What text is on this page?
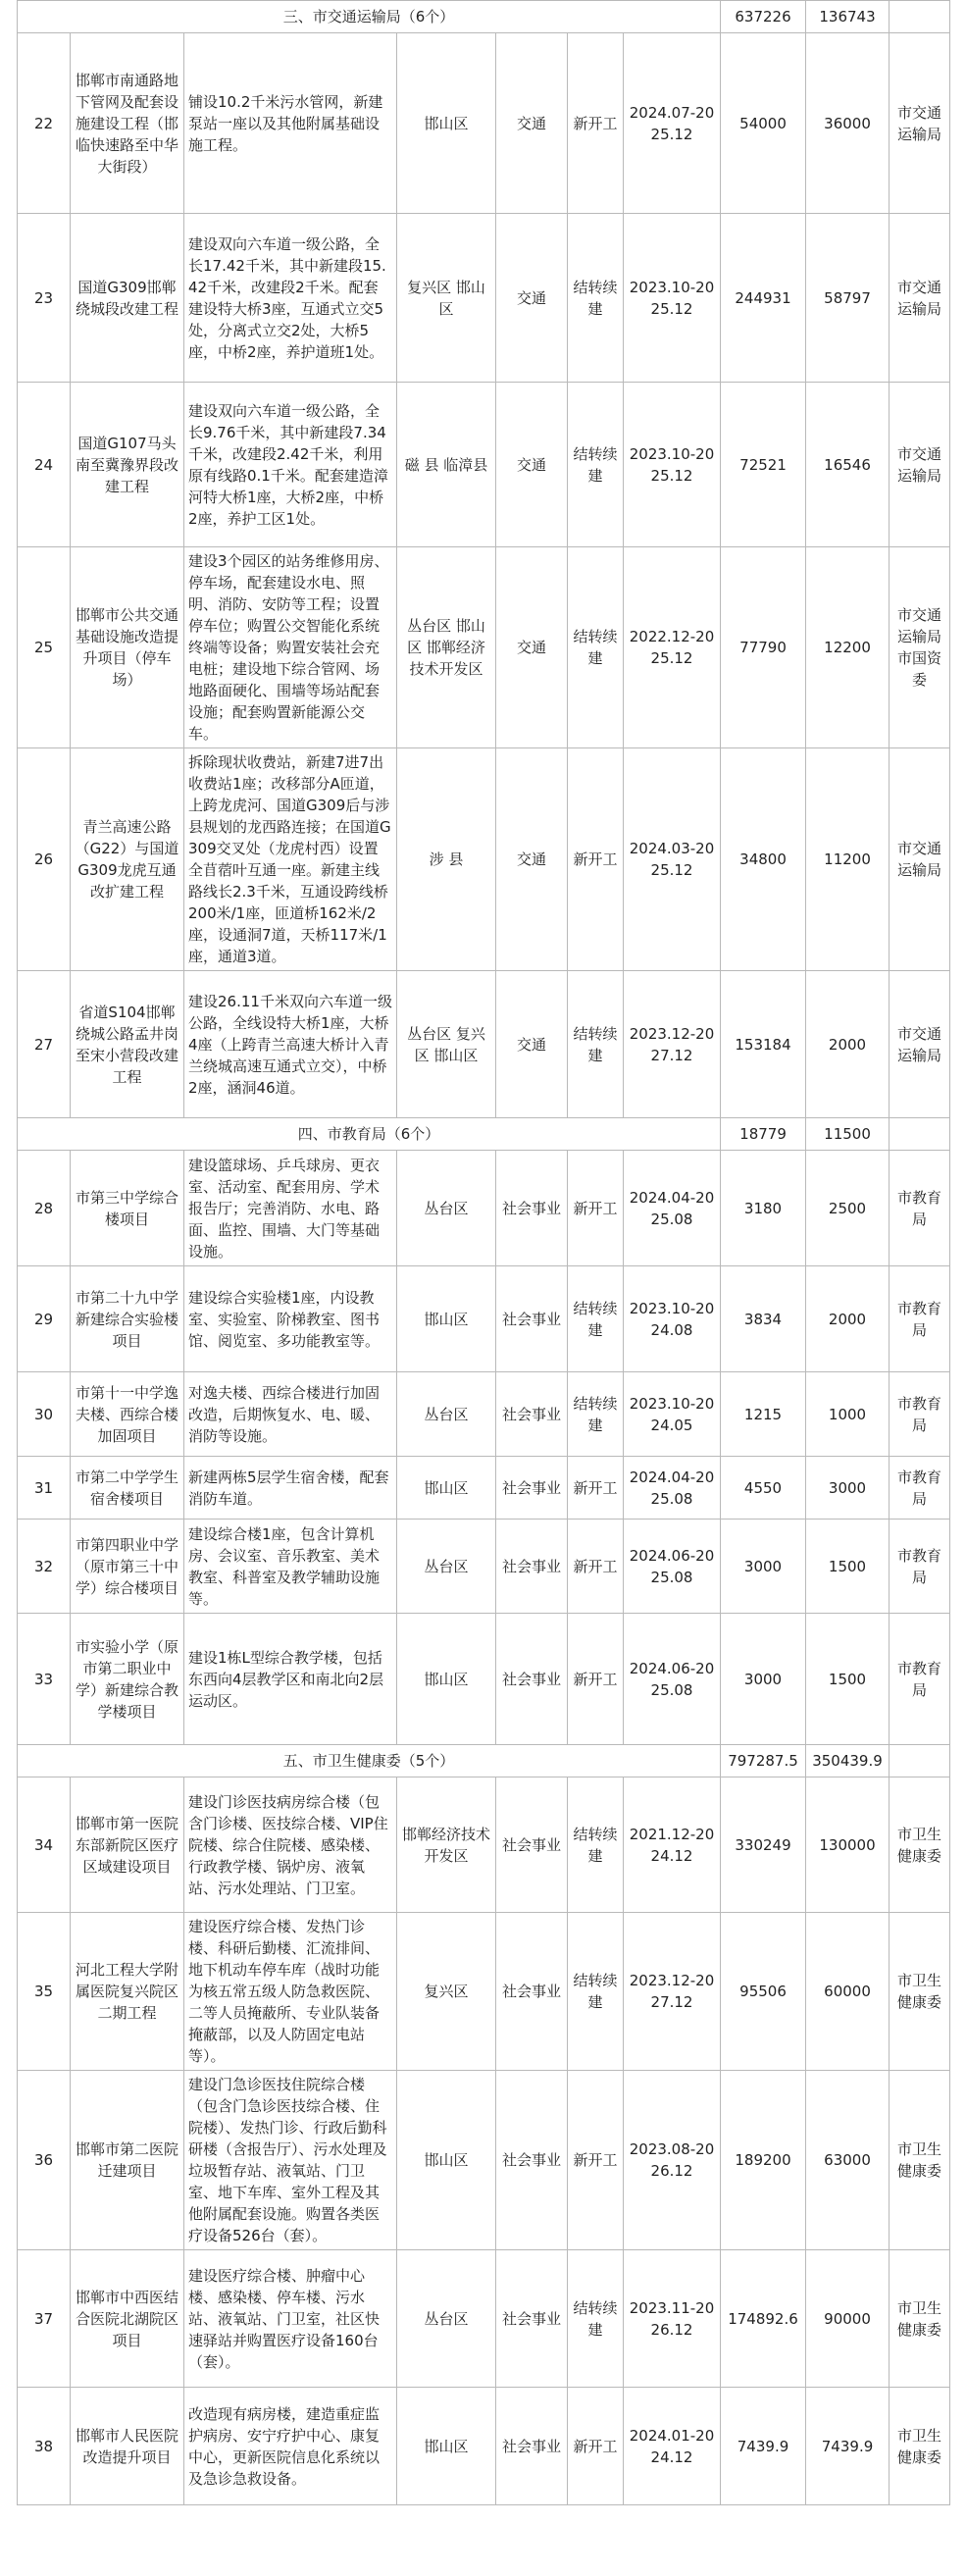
三、市交通运输局（6个）							637226	136743	
22	邯郸市南通路地下管网及配套设施建设工程（邯临快速路至中华大街段）	铺设10.2千米污水管网，新建泵站一座以及其他附属基础设施工程。	邯山区	交通	新开工	2024.07-2025.12	54000	36000	市交通运输局
23	国道G309邯郸绕城段改建工程	建设双向六车道一级公路，全长17.42千米，其中新建段15.42千米，改建段2千米。配套建设特大桥3座，互通式立交5处，分离式立交2处，大桥5座，中桥2座，养护道班1处。	复兴区 邯山区	交通	结转续建	2023.10-2025.12	244931	58797	市交通运输局
24	国道G107马头南至冀豫界段改建工程	建设双向六车道一级公路，全长9.76千米，其中新建段7.34千米，改建段2.42千米，利用原有线路0.1千米。配套建造漳河特大桥1座，大桥2座，中桥2座，养护工区1处。	磁 县 临漳县	交通	结转续建	2023.10-2025.12	72521	16546	市交通运输局
25	邯郸市公共交通基础设施改造提升项目（停车场）	建设3个园区的站务维修用房、停车场，配套建设水电、照明、消防、安防等工程；设置停车位；购置公交智能化系统终端等设备；购置安装社会充电桩；建设地下综合管网、场地路面硬化、围墙等场站配套设施；配套购置新能源公交车。	丛台区 邯山区 邯郸经济技术开发区	交通	结转续建	2022.12-2025.12	77790	12200	市交通运输局 市国资委
26	青兰高速公路（G22）与国道G309龙虎互通改扩建工程	拆除现状收费站，新建7进7出收费站1座；改移部分A匝道，上跨龙虎河、国道G309后与涉县规划的龙西路连接；在国道G309交叉处（龙虎村西）设置全苜蓿叶互通一座。新建主线路线长2.3千米，互通设跨线桥200米/1座，匝道桥162米/2座，设通洞7道，天桥117米/1座，通道3道。	涉 县	交通	新开工	2024.03-2025.12	34800	11200	市交通运输局
27	省道S104邯郸绕城公路孟井岗至宋小营段改建工程	建设26.11千米双向六车道一级公路，全线设特大桥1座，大桥4座（上跨青兰高速大桥计入青兰绕城高速互通式立交），中桥2座，涵洞46道。	丛台区 复兴区 邯山区	交通	结转续建	2023.12-2027.12	153184	2000	市交通运输局
四、市教育局（6个）							18779	11500	
28	市第三中学综合楼项目	建设篮球场、乒乓球房、更衣室、活动室、配套用房、学术报告厅；完善消防、水电、路面、监控、围墙、大门等基础设施。	丛台区	社会事业	新开工	2024.04-2025.08	3180	2500	市教育局
29	市第二十九中学新建综合实验楼项目	建设综合实验楼1座，内设教室、实验室、阶梯教室、图书馆、阅览室、多功能教室等。	邯山区	社会事业	结转续建	2023.10-2024.08	3834	2000	市教育局
30	市第十一中学逸夫楼、西综合楼加固项目	对逸夫楼、西综合楼进行加固改造，后期恢复水、电、暖、消防等设施。	丛台区	社会事业	结转续建	2023.10-2024.05	1215	1000	市教育局
31	市第二中学学生宿舍楼项目	新建两栋5层学生宿舍楼，配套消防车道。	邯山区	社会事业	新开工	2024.04-2025.08	4550	3000	市教育局
32	市第四职业中学（原市第三十中学）综合楼项目	建设综合楼1座，包含计算机房、会议室、音乐教室、美术教室、科普室及教学辅助设施等。	丛台区	社会事业	新开工	2024.06-2025.08	3000	1500	市教育局
33	市实验小学（原市第二职业中学）新建综合教学楼项目	建设1栋L型综合教学楼，包括东西向4层教学区和南北向2层运动区。	邯山区	社会事业	新开工	2024.06-2025.08	3000	1500	市教育局
五、市卫生健康委（5个）							797287.5	350439.9	
34	邯郸市第一医院东部新院区医疗区域建设项目	建设门诊医技病房综合楼（包含门诊楼、医技综合楼、VIP住院楼、综合住院楼、感染楼、行政教学楼、锅炉房、液氧站、污水处理站、门卫室。	邯郸经济技术开发区	社会事业	结转续建	2021.12-2024.12	330249	130000	市卫生健康委
35	河北工程大学附属医院复兴院区二期工程	建设医疗综合楼、发热门诊楼、科研后勤楼、汇流排间、地下机动车停车库（战时功能为核五常五级人防急救医院、二等人员掩蔽所、专业队装备掩蔽部，以及人防固定电站等）。	复兴区	社会事业	结转续建	2023.12-2027.12	95506	60000	市卫生健康委
36	邯郸市第二医院迁建项目	建设门急诊医技住院综合楼（包含门急诊医技综合楼、住院楼）、发热门诊、行政后勤科研楼（含报告厅）、污水处理及垃圾暂存站、液氧站、门卫室、地下车库、室外工程及其他附属配套设施。购置各类医疗设备526台（套）。	邯山区	社会事业	新开工	2023.08-2026.12	189200	63000	市卫生健康委
37	邯郸市中西医结合医院北湖院区项目	建设医疗综合楼、肿瘤中心楼、感染楼、停车楼、污水站、液氧站、门卫室，社区快速驿站并购置医疗设备160台（套）。	丛台区	社会事业	结转续建	2023.11-2026.12	174892.6	90000	市卫生健康委
38	邯郸市人民医院改造提升项目	改造现有病房楼，建造重症监护病房、安宁疗护中心、康复中心，更新医院信息化系统以及急诊急救设备。	邯山区	社会事业	新开工	2024.01-2024.12	7439.9	7439.9	市卫生健康委
